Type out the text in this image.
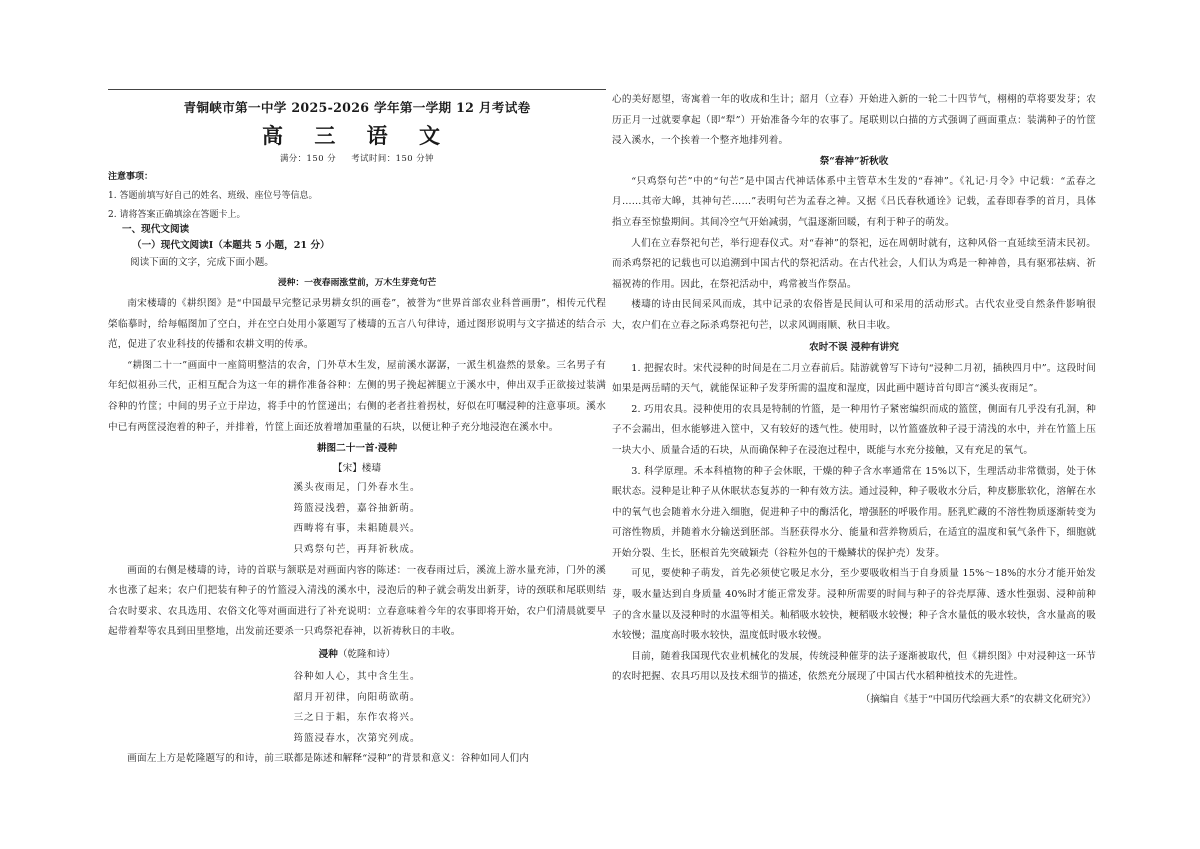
青铜峡市第一中学 2025-2026 学年第一学期 12 月考试卷
高 三 语 文
满分：150 分 考试时间：150 分钟

注意事项：

1. 答题前填写好自己的姓名、班级、座位号等信息。

2. 请将答案正确填涂在答题卡上。

一、现代文阅读

（一）现代文阅读Ⅰ（本题共 5 小题，21 分）

阅读下面的文字，完成下面小题。

浸种：一夜春雨涨堂前，万木生芽竞句芒

南宋楼璹的《耕织图》是“中国最早完整记录男耕女织的画卷”，被誉为“世界首部农业科普画册”，相传元代程棨临摹时，给每幅图加了空白，并在空白处用小篆题写了楼璹的五言八句律诗，通过图形说明与文字描述的结合示范，促进了农业科技的传播和农耕文明的传承。

“耕图二十一”画面中一座简明整洁的农舍，门外草木生发，屋前溪水潺潺，一派生机盎然的景象。三名男子有年纪似祖孙三代，正相互配合为这一年的耕作准备谷种：左侧的男子挽起裤腿立于溪水中，伸出双手正欲接过装满谷种的竹筐；中间的男子立于岸边，将手中的竹筐递出；右侧的老者拄着拐杖，好似在叮嘱浸种的注意事项。溪水中已有两筐浸泡着的种子，并排着，竹筐上面还放着增加重量的石块，以便让种子充分地浸泡在溪水中。

耕图二十一首·浸种

【宋】楼璹

溪头夜雨足，门外春水生。

筠篮浸浅碧，嘉谷抽新萌。

西畴将有事，耒耜随晨兴。

只鸡祭句芒，再拜祈秋成。

画面的右侧是楼璹的诗，诗的首联与颔联是对画面内容的陈述：一夜春雨过后，溪流上游水量充沛，门外的溪水也涨了起来；农户们把装有种子的竹篮浸入清浅的溪水中，浸泡后的种子就会萌发出新芽，诗的颈联和尾联则结合农时要求、农具选用、农俗文化等对画面进行了补充说明：立春意味着今年的农事即将开始，农户们清晨就要早起带着犁等农具到田里整地，出发前还要杀一只鸡祭祀春神，以祈祷秋日的丰收。

浸种（乾隆和诗）

谷种如人心，其中含生生。

韶月开初律，向阳萌欲萌。

三之日于耜，东作农将兴。

筠篮浸春水，次第究列成。

画面左上方是乾隆题写的和诗，前三联都是陈述和解释“浸种”的背景和意义：谷种如同人们内

心的美好愿望，寄寓着一年的收成和生计；韶月（立春）开始进入新的一轮二十四节气，栩栩的草将要发芽；农历正月一过就要拿起（即“犁”）开始准备今年的农事了。尾联则以白描的方式强调了画面重点：装满种子的竹筐浸入溪水，一个挨着一个整齐地排列着。

祭“春神”祈秋收

“只鸡祭句芒”中的“句芒”是中国古代神话体系中主管草木生发的“春神”。《礼记·月令》中记载：“孟春之月……其帝大皞，其神句芒……”表明句芒为孟春之神。又据《吕氏春秋通诠》记载，孟春即春季的首月，具体指立春至惊蛰期间。其间冷空气开始减弱，气温逐渐回暖，有利于种子的萌发。

人们在立春祭祀句芒，举行迎春仪式。对“春神”的祭祀，远在周朝时就有，这种风俗一直延续至清末民初。而杀鸡祭祀的记载也可以追溯到中国古代的祭祀活动。在古代社会，人们认为鸡是一种神兽，具有驱邪祛病、祈福祝祷的作用。因此，在祭祀活动中，鸡常被当作祭品。

楼璹的诗由民间采风而成，其中记录的农俗皆是民间认可和采用的活动形式。古代农业受自然条件影响很大，农户们在立春之际杀鸡祭祀句芒，以求风调雨顺、秋日丰收。

农时不误 浸种有讲究

1. 把握农时。宋代浸种的时间是在二月立春前后。陆游就曾写下诗句“浸种二月初，插秧四月中”。这段时间如果是两岳晴的天气，就能保证种子发芽所需的温度和湿度，因此画中题诗首句即言“溪头夜雨足”。

2. 巧用农具。浸种使用的农具是特制的竹篮，是一种用竹子紧密编织而成的篮筐，侧面有几乎没有孔洞，种子不会漏出，但水能够进入筐中，又有较好的透气性。使用时，以竹篮盛放种子浸于清浅的水中，并在竹篮上压一块大小、质量合适的石块，从而确保种子在浸泡过程中，既能与水充分接触，又有充足的氧气。

3. 科学原理。禾本科植物的种子会休眠，干燥的种子含水率通常在 15%以下，生理活动非常微弱，处于休眠状态。浸种是让种子从休眠状态复苏的一种有效方法。通过浸种，种子吸收水分后，种皮膨胀软化，溶解在水中的氧气也会随着水分进入细胞，促进种子中的酶活化，增强胚的呼吸作用。胚乳贮藏的不溶性物质逐渐转变为可溶性物质，并随着水分输送到胚部。当胚获得水分、能量和营养物质后，在适宜的温度和氧气条件下，细胞就开始分裂、生长，胚根首先突破颖壳（谷粒外包的干燥鳞状的保护壳）发芽。

可见，要使种子萌发，首先必须使它吸足水分，至少要吸收相当于自身质量 15%～18%的水分才能开始发芽，吸水量达到自身质量 40%时才能正常发芽。浸种所需要的时间与种子的谷壳厚薄、透水性强弱、浸种前种子的含水量以及浸种时的水温等相关。籼稻吸水较快，粳稻吸水较慢；种子含水量低的吸水较快，含水量高的吸水较慢；温度高时吸水较快，温度低时吸水较慢。

目前，随着我国现代农业机械化的发展，传统浸种催芽的法子逐渐被取代，但《耕织图》中对浸种这一环节的农时把握、农具巧用以及技术细节的描述，依然充分展现了中国古代水稻种植技术的先进性。

（摘编自《基于“中国历代绘画大系”的农耕文化研究》）
